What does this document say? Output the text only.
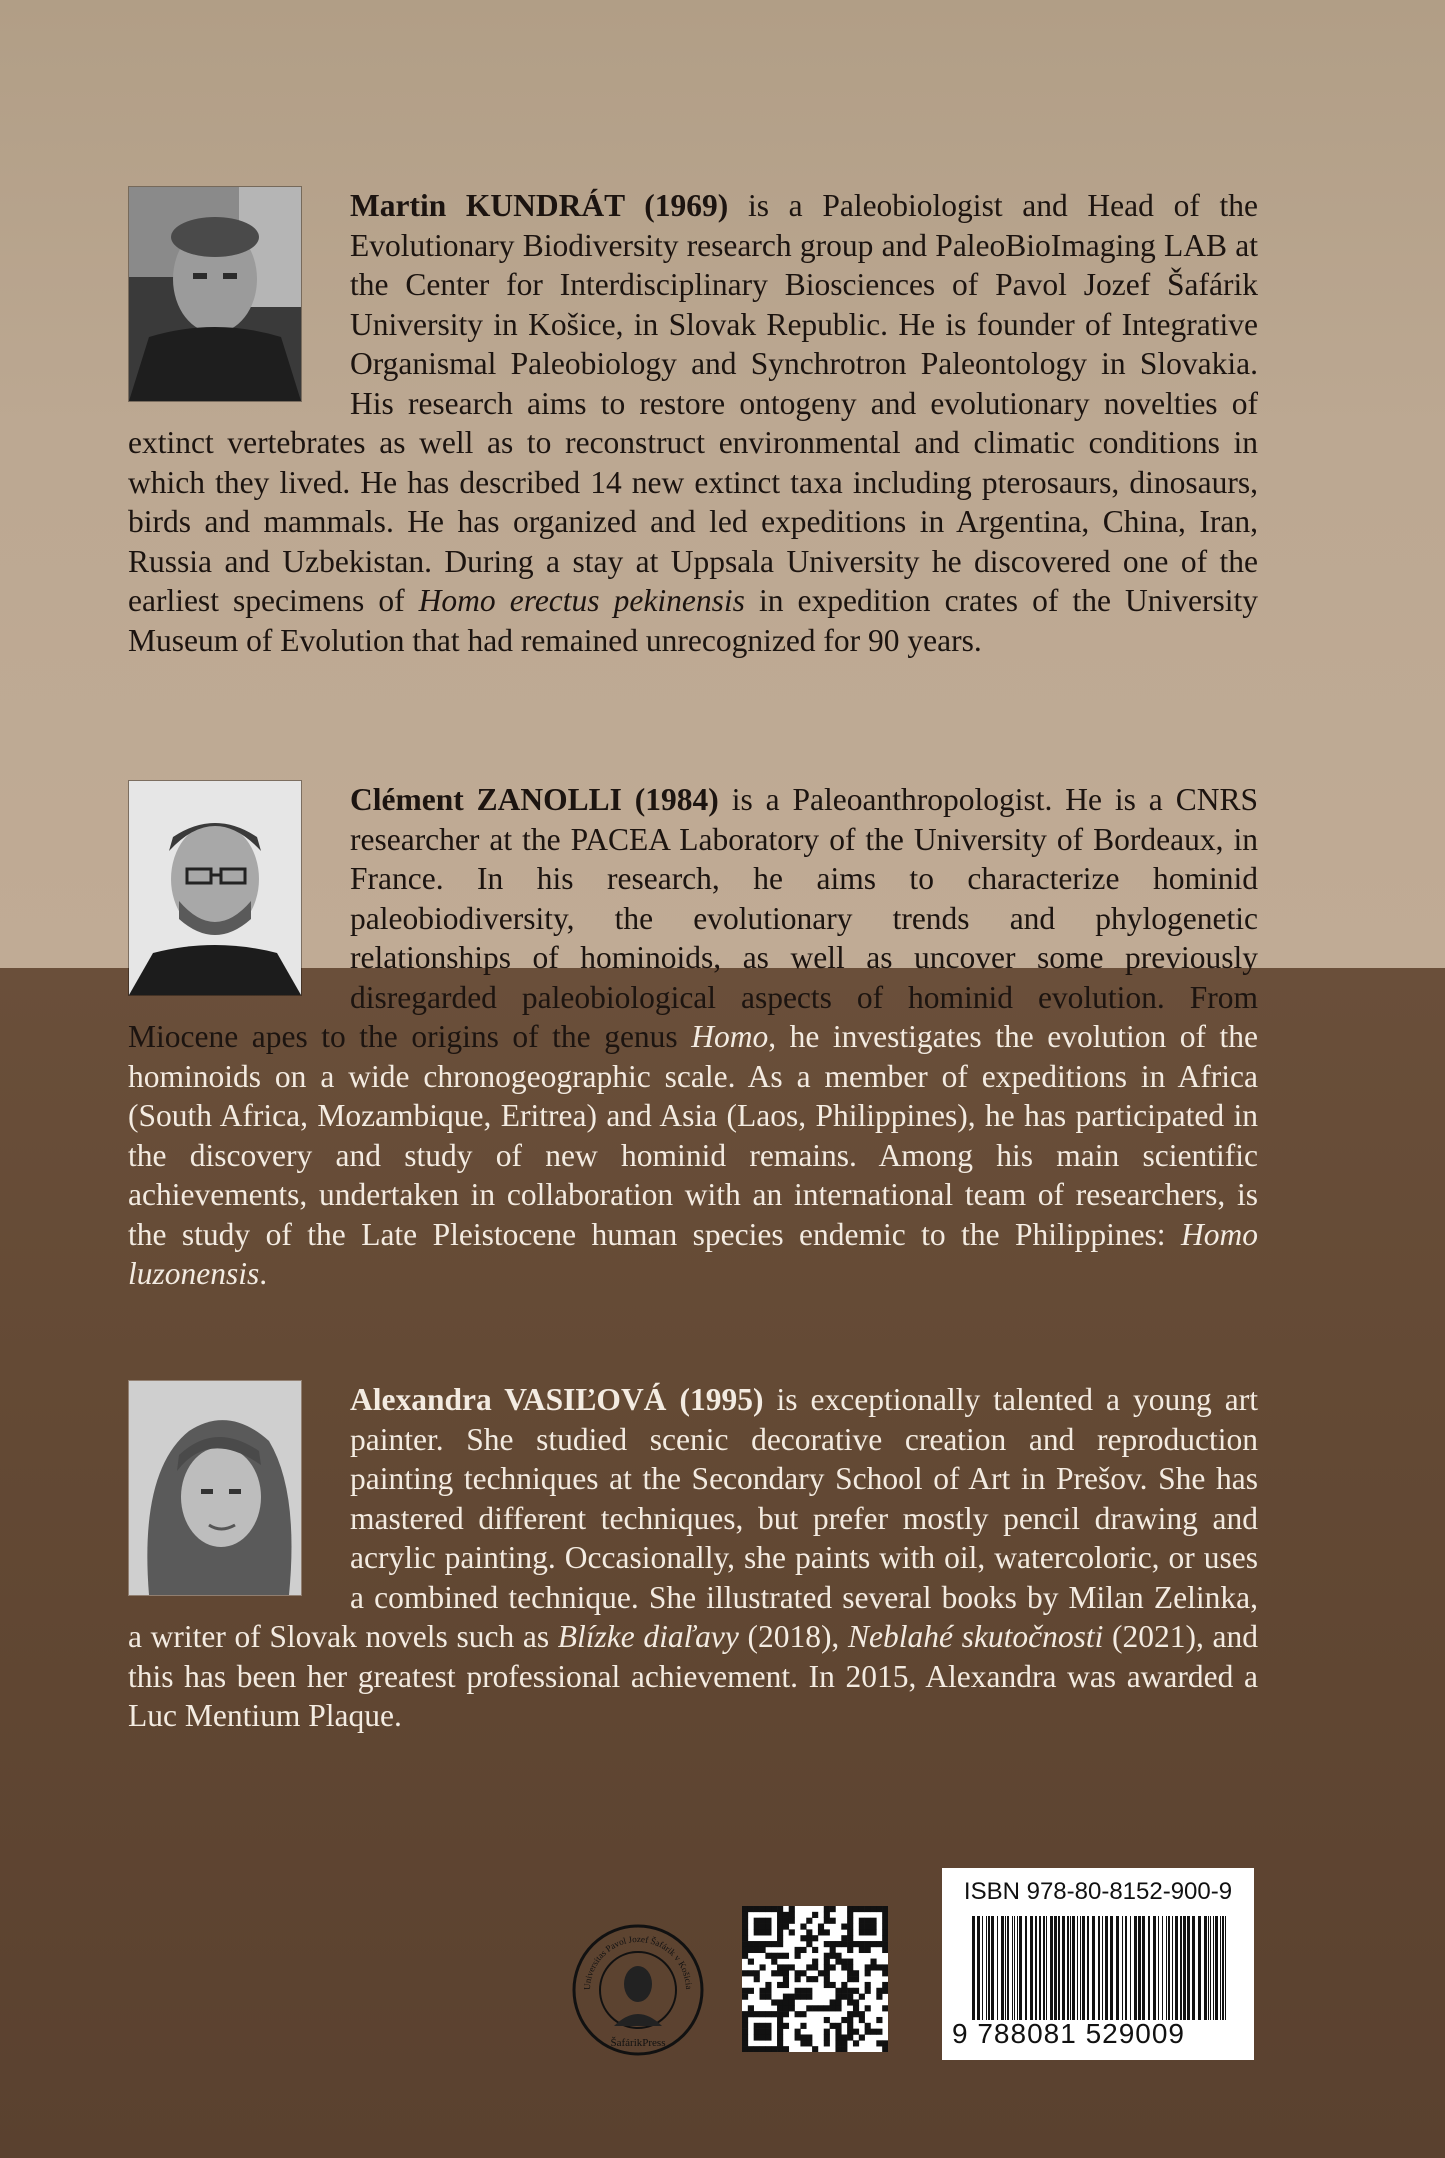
Martin KUNDRÁT (1969) is a Paleobiologist and Head of the Evolutionary Biodiversity research group and PaleoBioImaging LAB at the Center for Interdisciplinary Biosciences of Pavol Jozef Šafárik University in Košice, in Slovak Republic. He is founder of Integrative Organismal Paleobiology and Synchrotron Paleontology in Slovakia. His research aims to restore ontogeny and evolutionary novelties of extinct vertebrates as well as to reconstruct environmental and climatic conditions in which they lived. He has described 14 new extinct taxa including pterosaurs, dinosaurs, birds and mammals. He has organized and led expeditions in Argentina, China, Iran, Russia and Uzbekistan. During a stay at Uppsala University he discovered one of the earliest specimens of Homo erectus pekinensis in expedition crates of the University Museum of Evolution that had remained unrecognized for 90 years.
Clément ZANOLLI (1984) is a Paleoanthropologist. He is a CNRS researcher at the PACEA Laboratory of the University of Bordeaux, in France. In his research, he aims to characterize hominid paleobiodiversity, the evolutionary trends and phylogenetic relationships of hominoids, as well as uncover some previously disregarded paleobiological aspects of hominid evolution. From Miocene apes to the origins of the genus Homo, he investigates the evolution of the hominoids on a wide chronogeographic scale. As a member of expeditions in Africa (South Africa, Mozambique, Eritrea) and Asia (Laos, Philippines), he has participated in the discovery and study of new hominid remains. Among his main scientific achievements, undertaken in collaboration with an international team of researchers, is the study of the Late Pleistocene human species endemic to the Philippines: Homo luzonensis.
Alexandra VASIĽOVÁ (1995) is exceptionally talented a young art painter. She studied scenic decorative creation and reproduction painting techniques at the Secondary School of Art in Prešov. She has mastered different techniques, but prefer mostly pencil drawing and acrylic painting. Occasionally, she paints with oil, watercoloric, or uses a combined technique. She illustrated several books by Milan Zelinka, a writer of Slovak novels such as Blízke diaľavy (2018), Neblahé skutočnosti (2021), and this has been her greatest professional achievement. In 2015, Alexandra was awarded a Luc Mentium Plaque.
Universitas Pavol Jozef Šafárik v Košicia
ŠafárikPress
ISBN 978-80-8152-900-9
9 788081 529009
